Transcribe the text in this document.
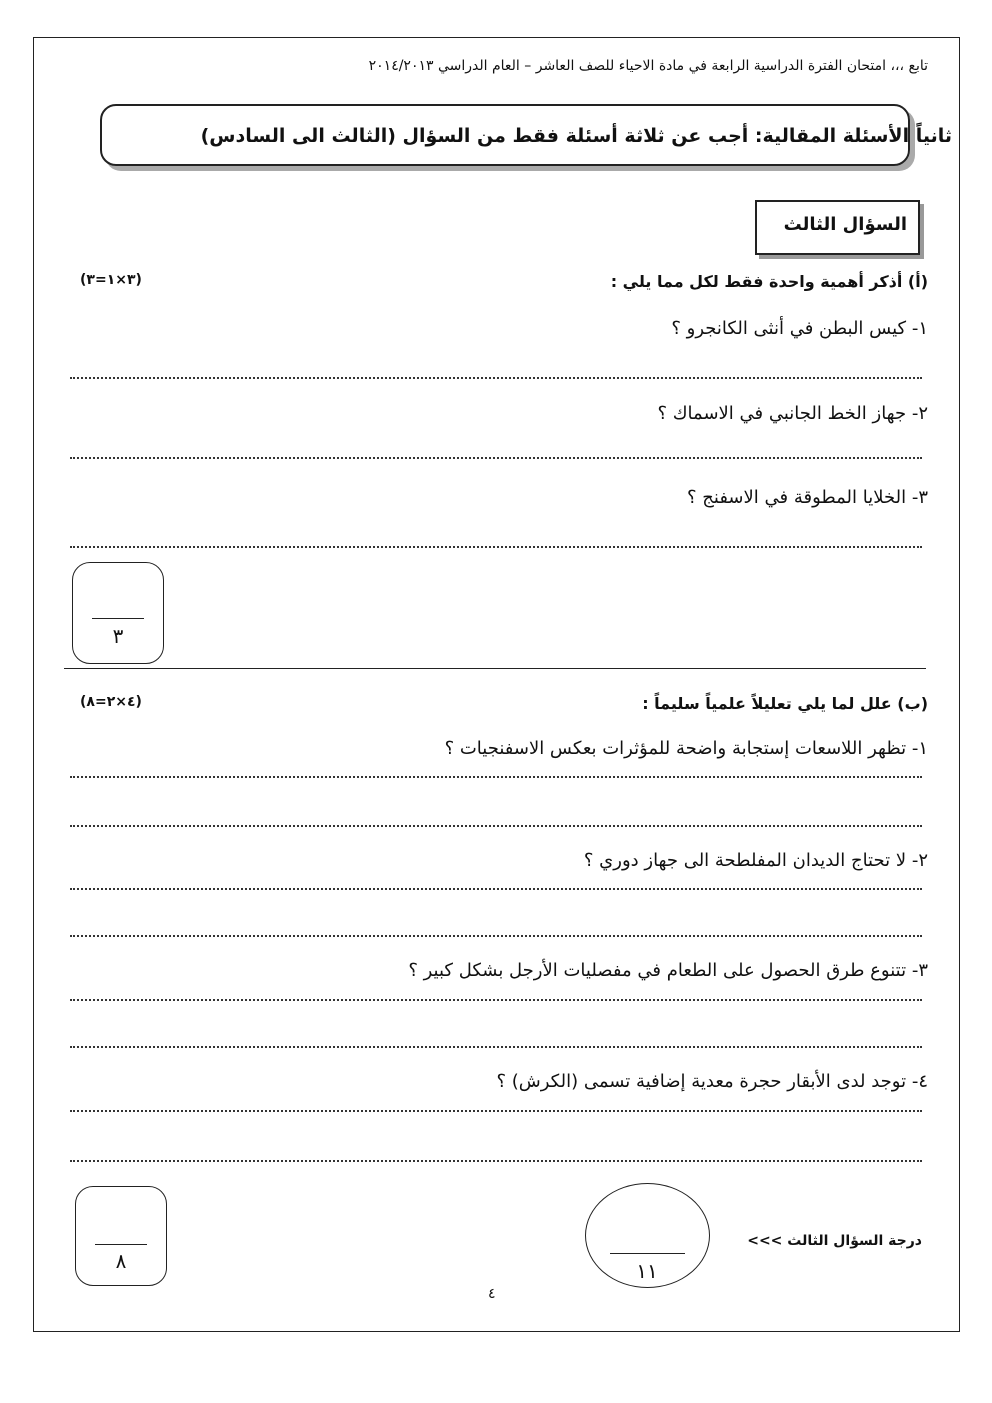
تابع ،،، امتحان الفترة الدراسية الرابعة في مادة الاحياء للصف العاشر – العام الدراسي ٢٠١٤/٢٠١٣
ثانياً الأسئلة المقالية: أجب عن ثلاثة أسئلة فقط من السؤال (الثالث الى السادس)
السؤال الثالث
(أ) أذكر أهمية واحدة فقط لكل مما يلي :
(٣×١=٣)
١- كيس البطن في أنثى الكانجرو ؟
٢- جهاز الخط الجانبي في الاسماك ؟
٣- الخلايا المطوقة في الاسفنج ؟
٣
(ب) علل لما يلي تعليلاً علمياً سليماً :
(٤×٢=٨)
١- تظهر اللاسعات إستجابة واضحة للمؤثرات بعكس الاسفنجيات ؟
٢- لا تحتاج الديدان المفلطحة الى جهاز دوري ؟
٣- تتنوع طرق الحصول على الطعام في مفصليات الأرجل بشكل كبير ؟
٤- توجد لدى الأبقار حجرة معدية إضافية تسمى (الكرش) ؟
٨	١١
درجة السؤال الثالث >>>
٤
